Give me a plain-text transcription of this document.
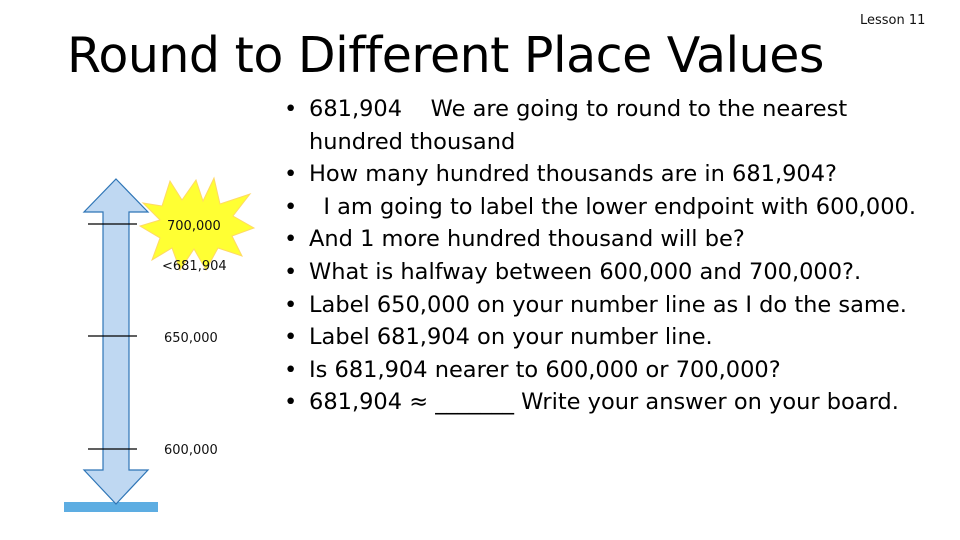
Lesson 11
Round to Different Place Values
700,000
<681,904
650,000
600,000
• 681,904    We are going to round to the nearest hundred thousand
• How many hundred thousands are in 681,904?
•   I am going to label the lower endpoint with 600,000.
• And 1 more hundred thousand will be?
• What is halfway between 600,000 and 700,000?.
• Label 650,000 on your number line as I do the same.
• Label 681,904 on your number line.
• Is 681,904 nearer to 600,000 or 700,000?
• 681,904 ≈ _______ Write your answer on your board.
